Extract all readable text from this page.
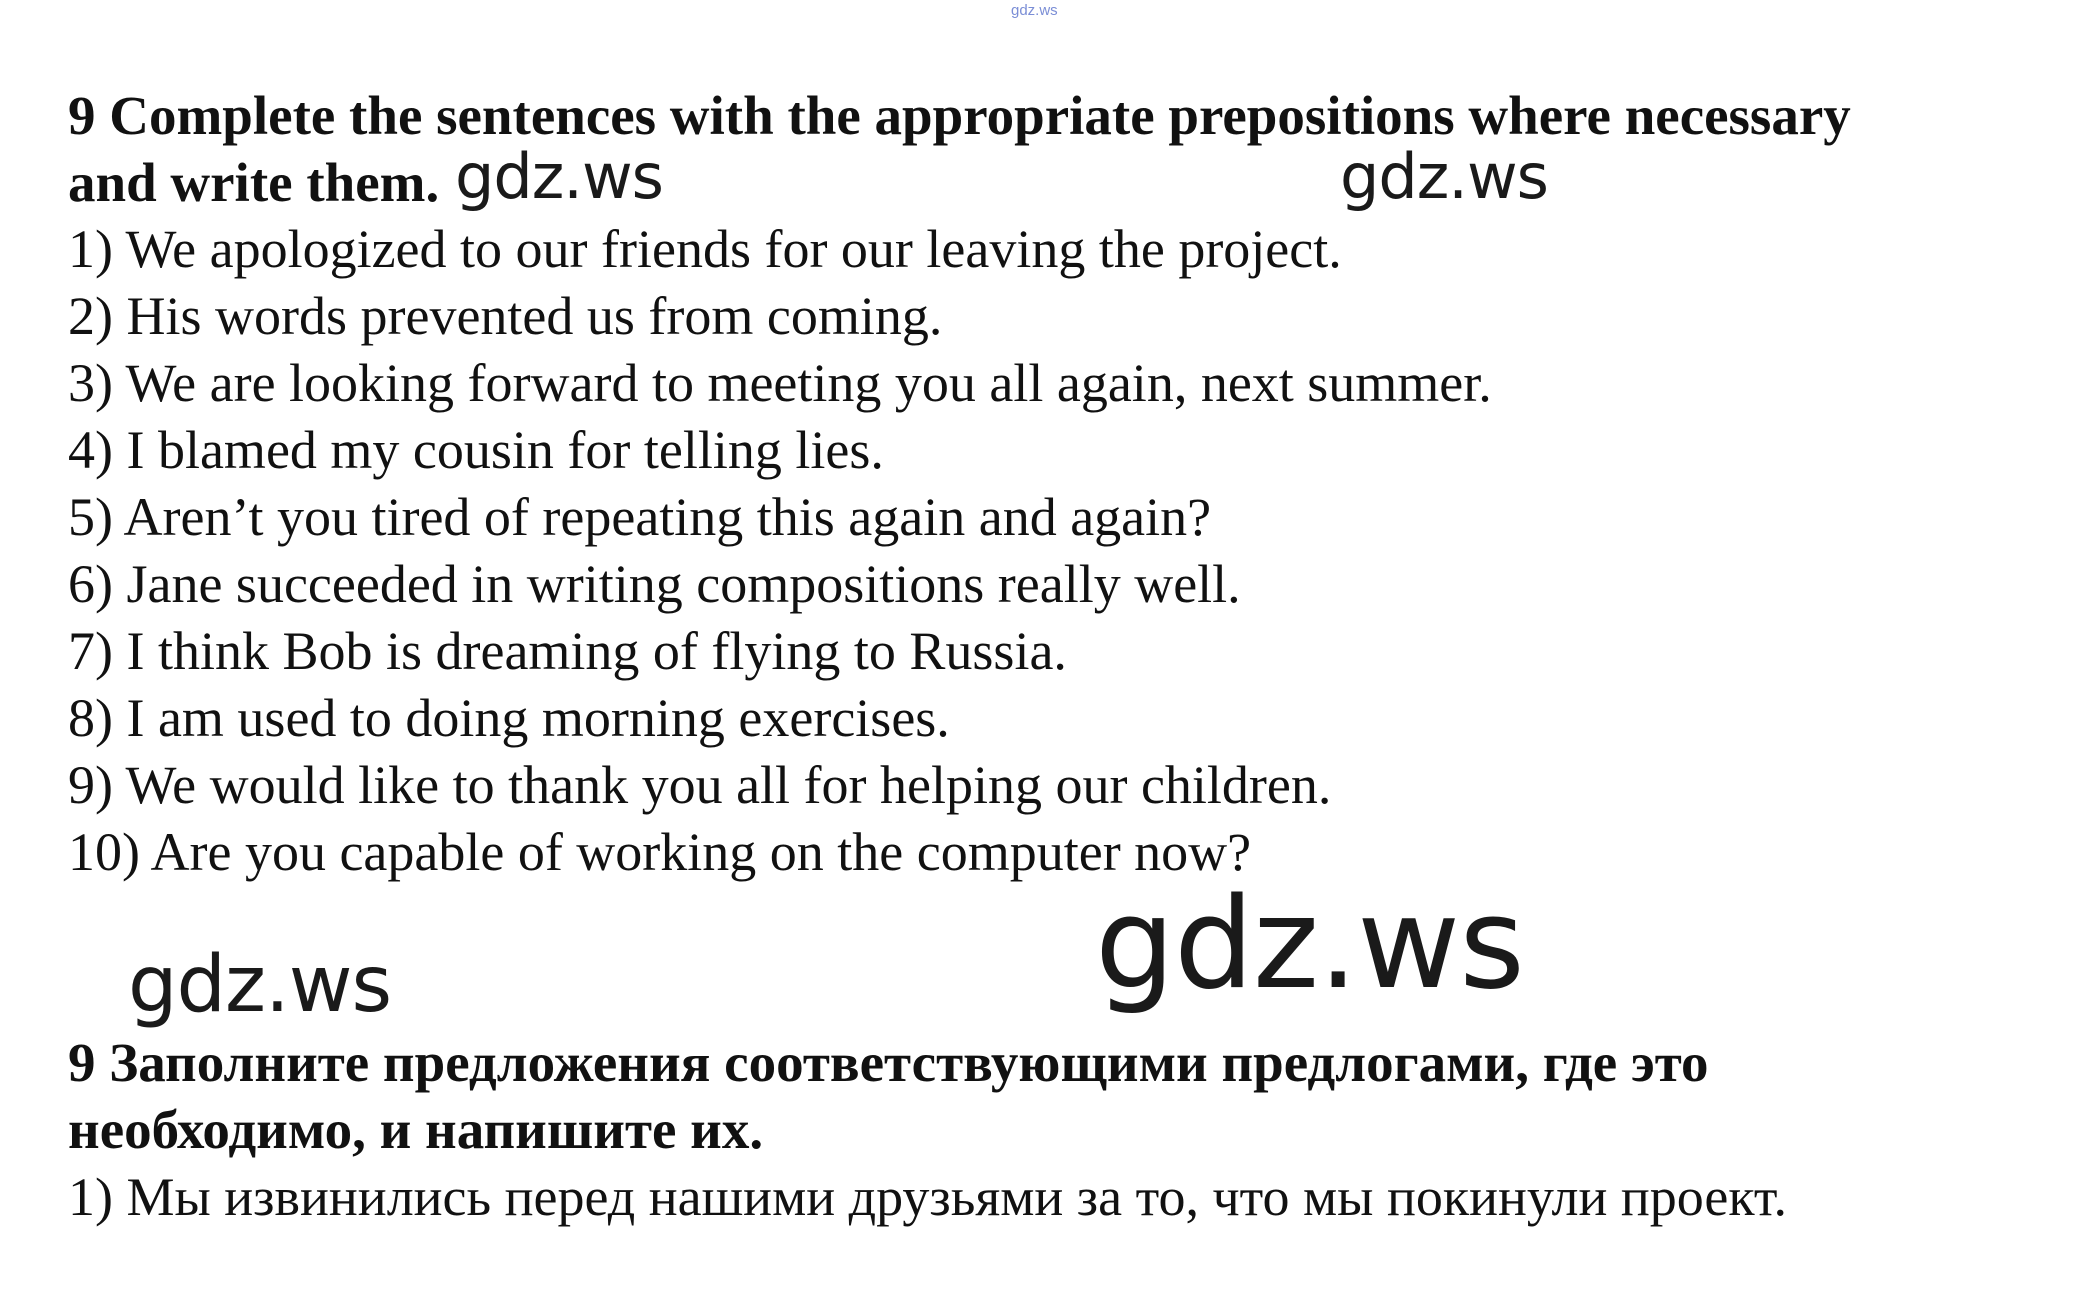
gdz.ws
9 Complete the sentences with the appropriate prepositions where necessary
and write them.
1) We apologized to our friends for our leaving the project.
2) His words prevented us from coming.
3) We are looking forward to meeting you all again, next summer.
4) I blamed my cousin for telling lies.
5) Aren’t you tired of repeating this again and again?
6) Jane succeeded in writing compositions really well.
7) I think Bob is dreaming of flying to Russia.
8) I am used to doing morning exercises.
9) We would like to thank you all for helping our children.
10) Are you capable of working on the computer now?
9 Заполните предложения соответствующими предлогами, где это
необходимо, и напишите их.
1) Мы извинились перед нашими друзьями за то, что мы покинули проект.
gdz.ws	gdz.ws
gdz.ws	gdz.ws
